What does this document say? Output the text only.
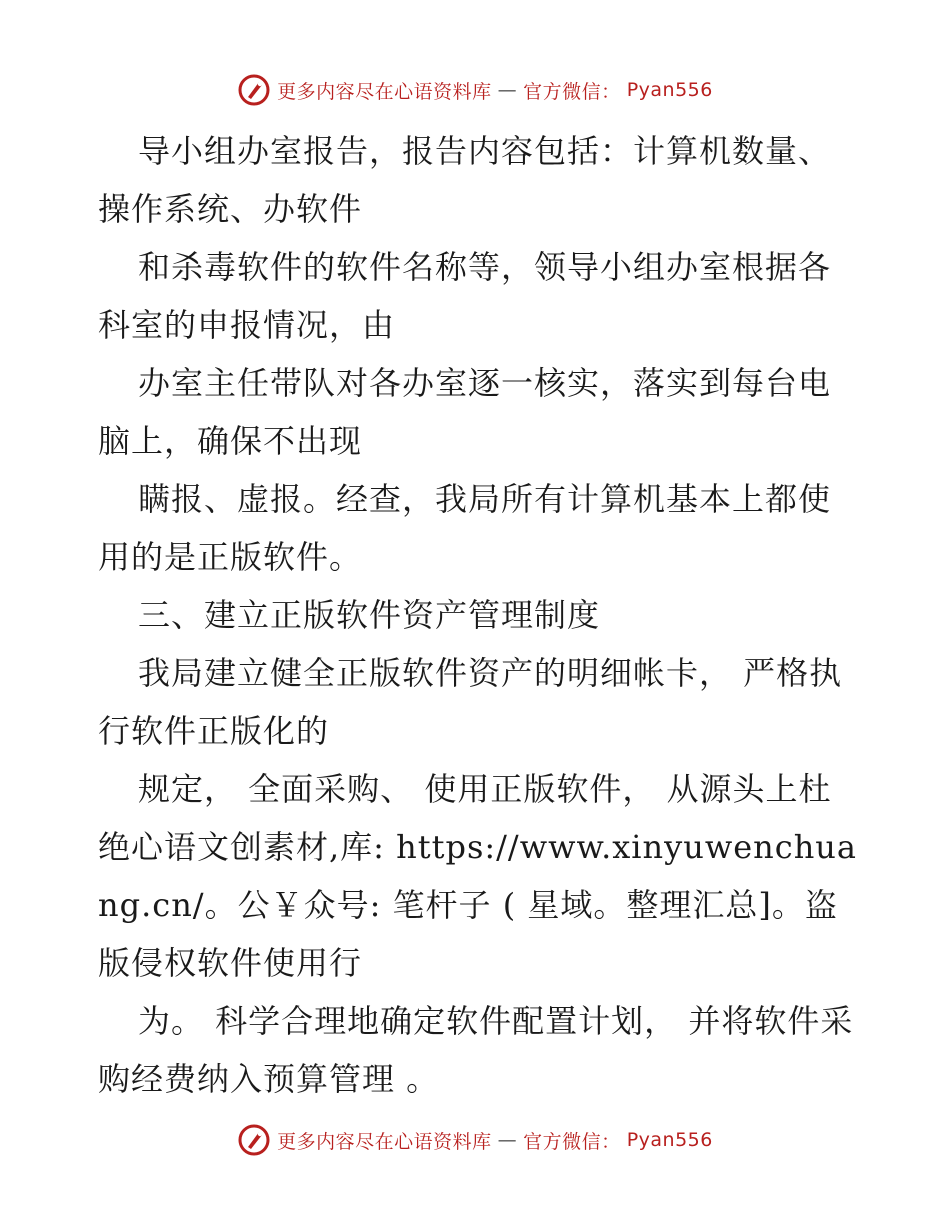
更多内容尽在心语资料库 — 官方微信： Pyan556

导小组办室报告，报告内容包括：计算机数量、操作系统、办软件

和杀毒软件的软件名称等，领导小组办室根据各科室的申报情况，由

办室主任带队对各办室逐一核实，落实到每台电脑上，确保不出现

瞒报、虚报。经查，我局所有计算机基本上都使用的是正版软件。

三、建立正版软件资产管理制度

我局建立健全正版软件资产的明细帐卡， 严格执行软件正版化的

规定， 全面采购、 使用正版软件， 从源头上杜绝心语文创素材,库: https://www.xinyuwenchuang.cn/。公￥众号: 笔杆子 ( 星域。整理汇总]。盗版侵权软件使用行

为。 科学合理地确定软件配置计划， 并将软件采购经费纳入预算管理 。

更多内容尽在心语资料库 — 官方微信： Pyan556
